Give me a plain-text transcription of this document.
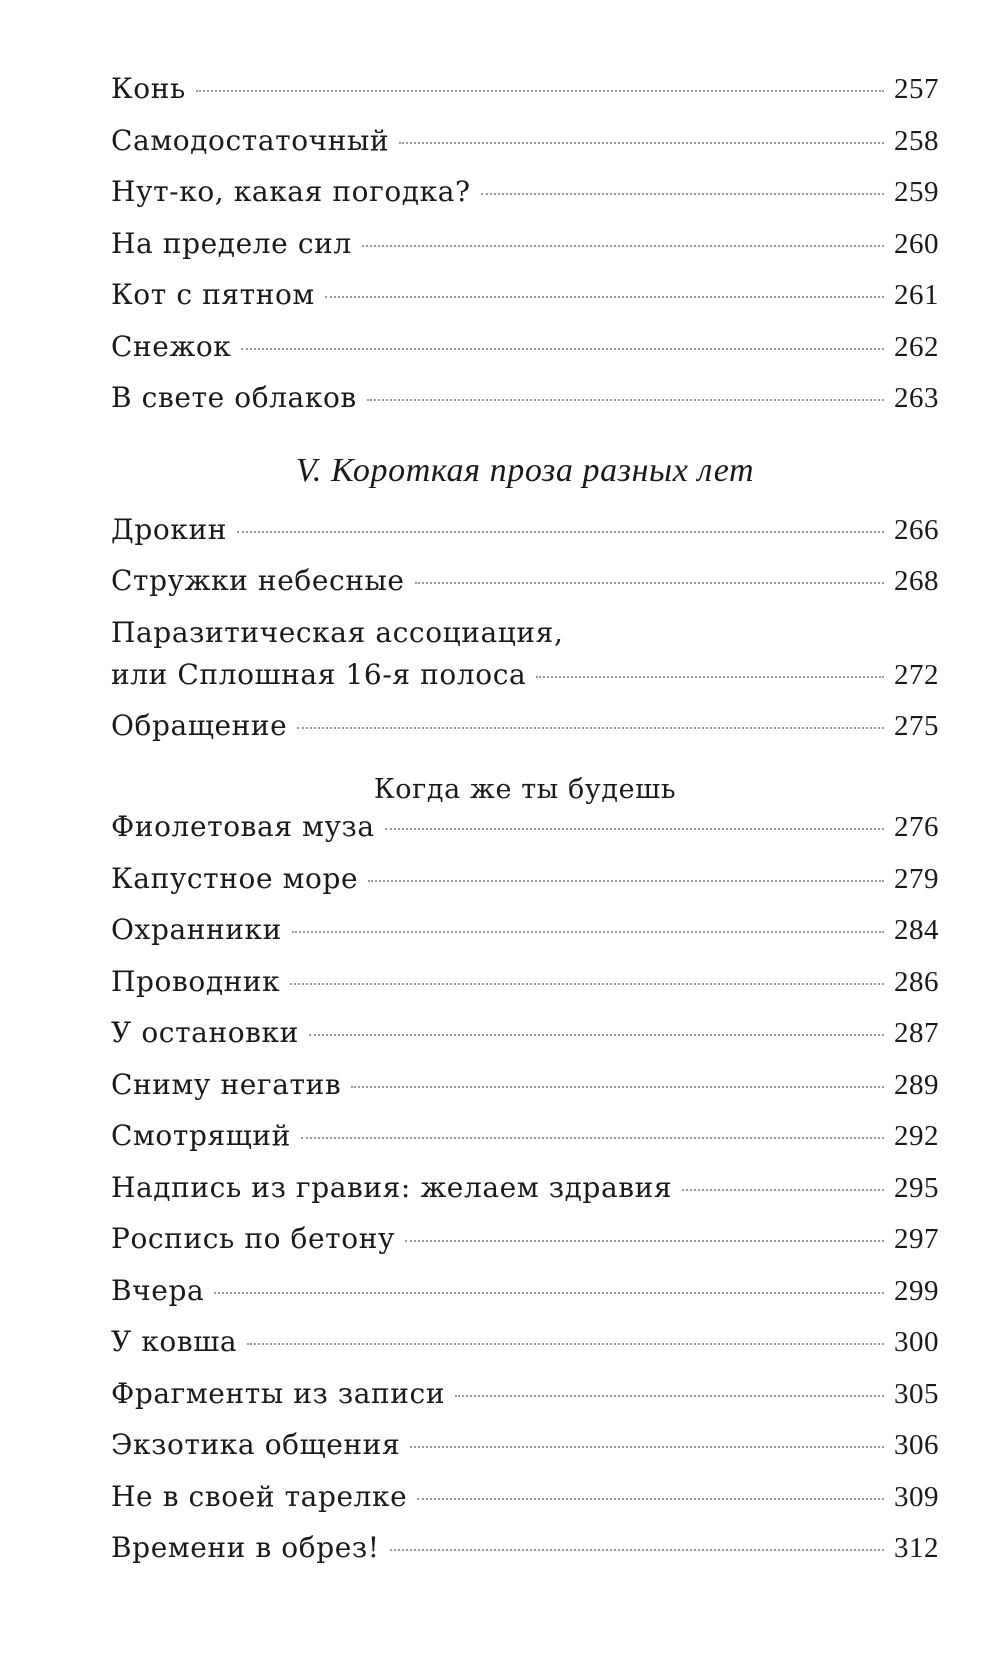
Конь	257
Самодостаточный	258
Нут-ко, какая погодка?	259
На пределе сил	260
Кот с пятном	261
Снежок	262
В свете облаков	263
V. Короткая проза разных лет
Дрокин	266
Стружки небесные	268
Паразитическая ассоциация,
или Сплошная 16-я полоса	272
Обращение	275
Когда же ты будешь
Фиолетовая муза	276
Капустное море	279
Охранники	284
Проводник	286
У остановки	287
Сниму негатив	289
Смотрящий	292
Надпись из гравия: желаем здравия	295
Роспись по бетону	297
Вчера	299
У ковша	300
Фрагменты из записи	305
Экзотика общения	306
Не в своей тарелке	309
Времени в обрез!	312
